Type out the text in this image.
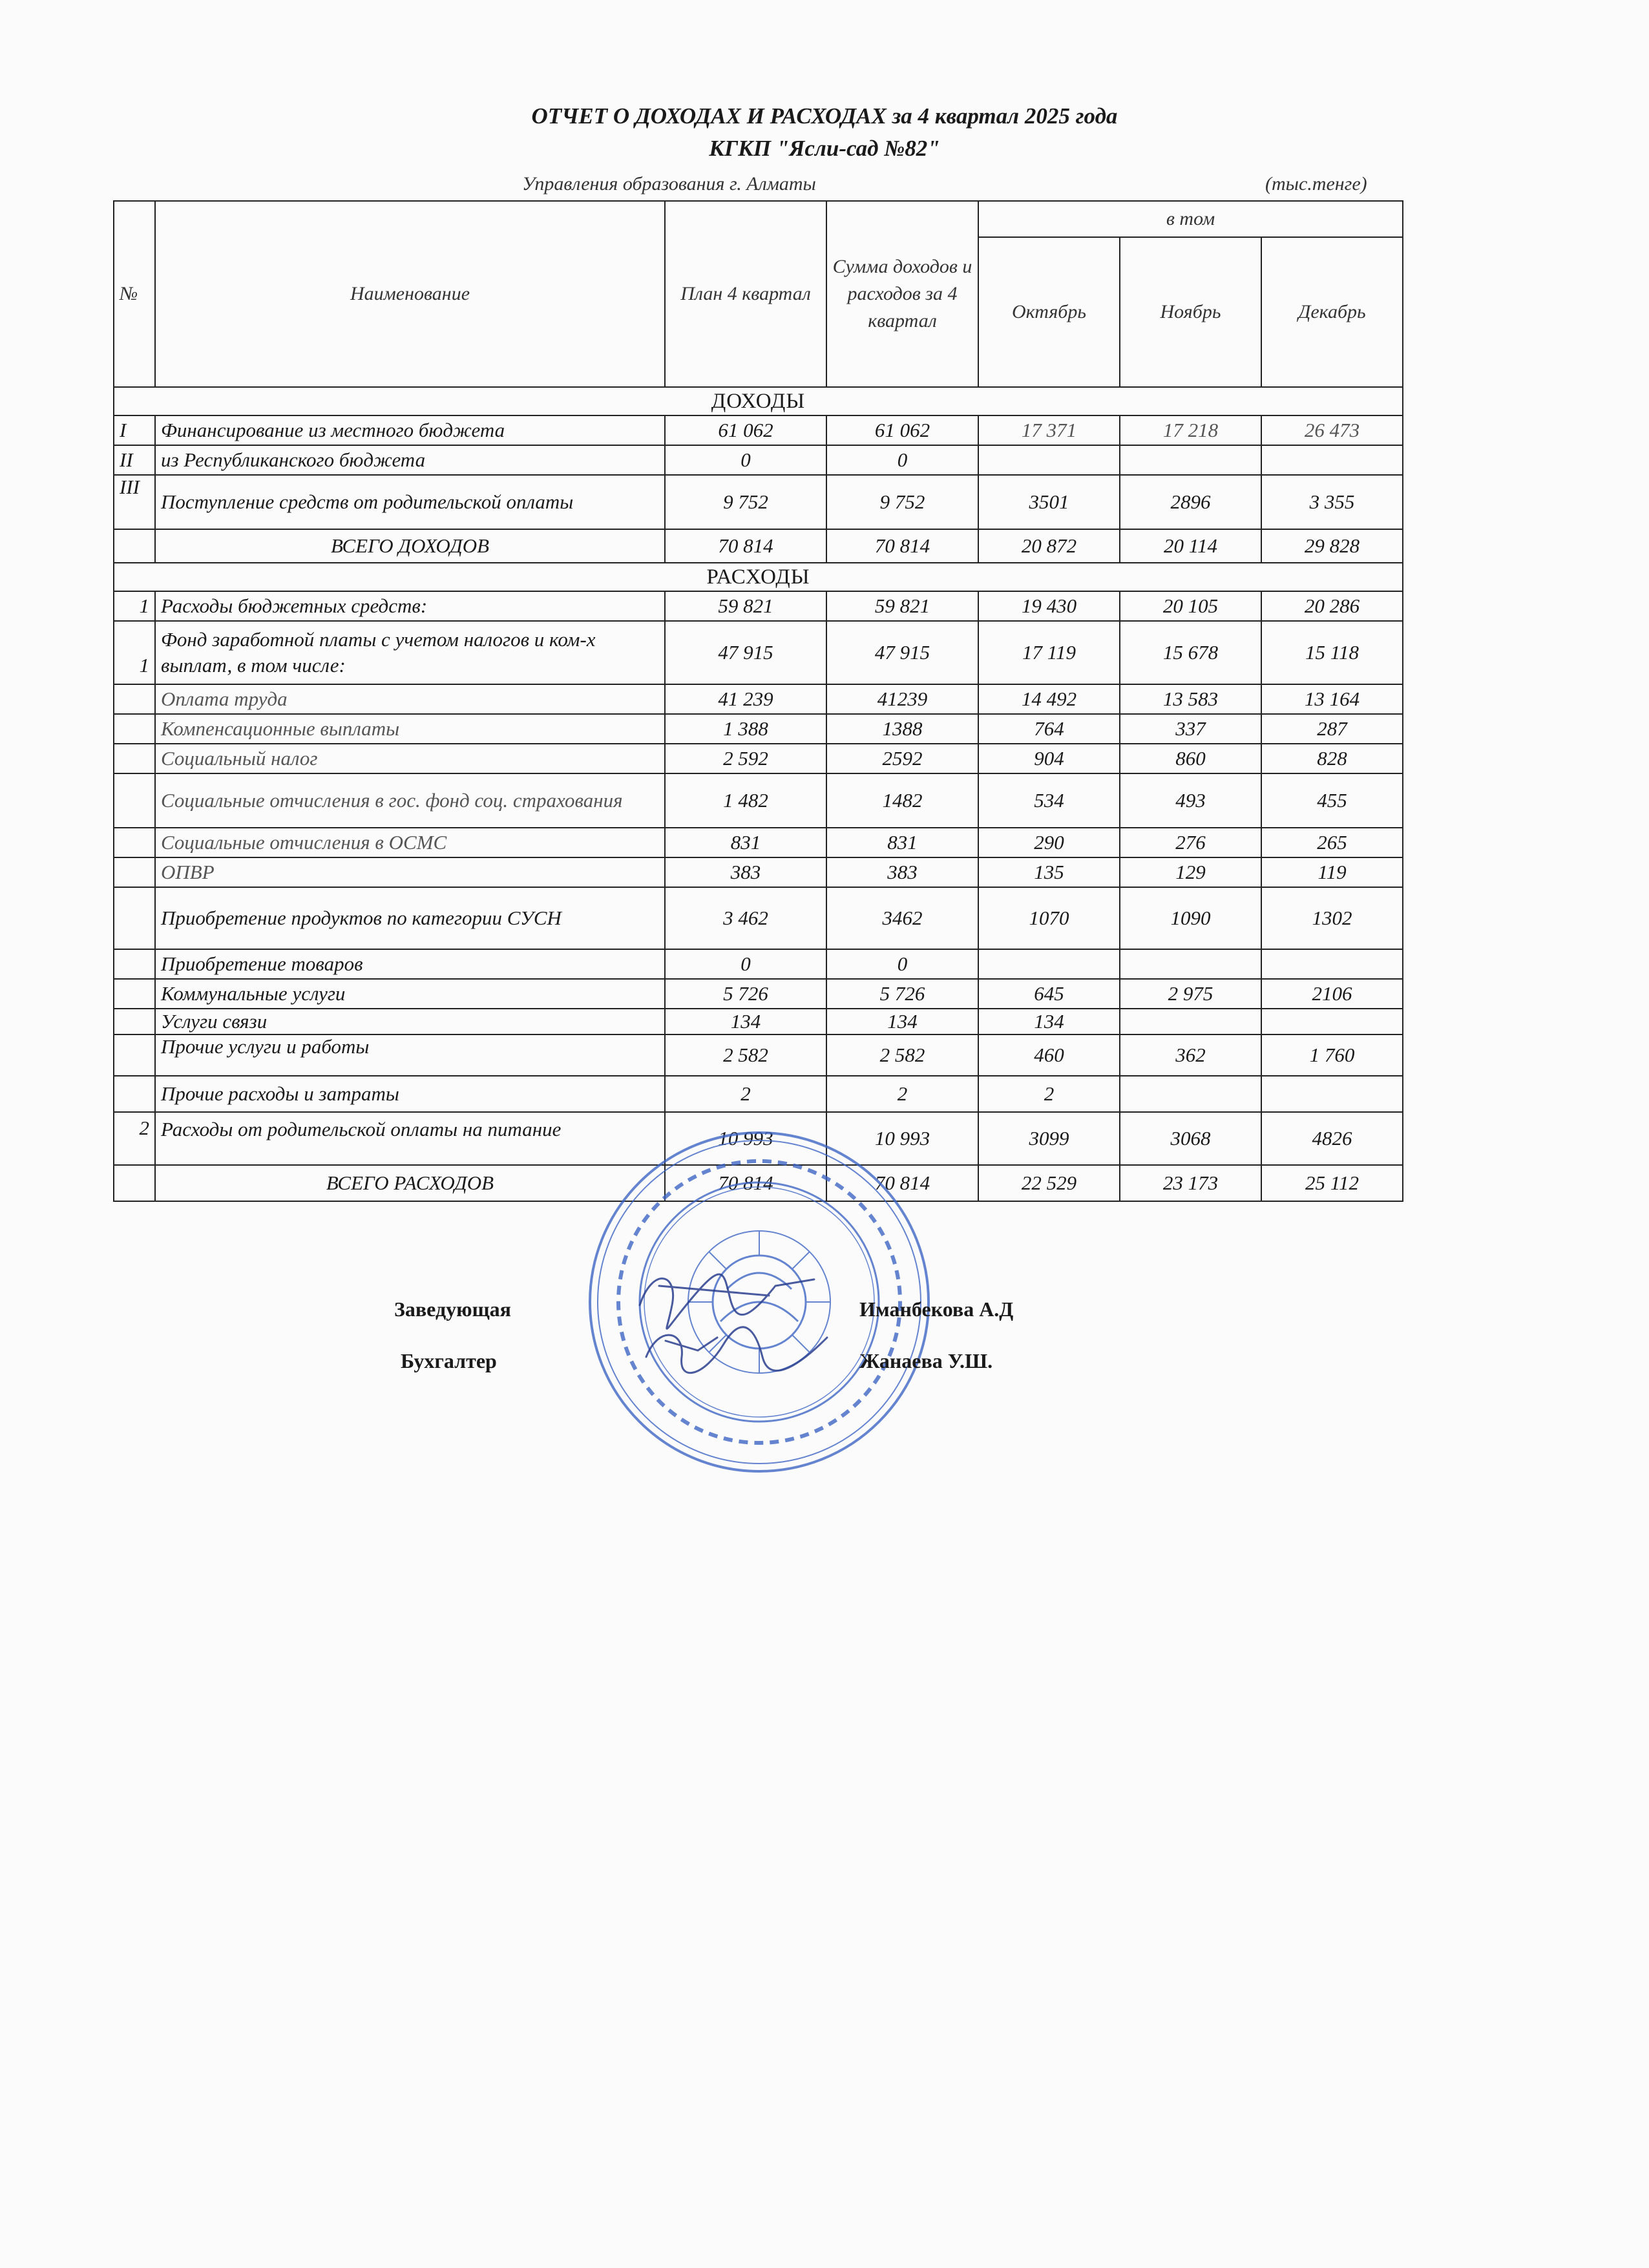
ОТЧЕТ О ДОХОДАХ И РАСХОДАХ за 4 квартал 2025 года
КГКП "Ясли-сад №82"
Управления образования г. Алматы	(тыс.тенге)
№	Наименование	План 4 квартал	Сумма доходов и расходов за 4 квартал	в том		
				Октябрь	Ноябрь	Декабрь
ДОХОДЫ						
I	Финансирование из местного бюджета	61 062	61 062	17 371	17 218	26 473
II	из Республиканского бюджета	0	0			
III	Поступление средств от родительской оплаты	9 752	9 752	3501	2896	3 355
	ВСЕГО ДОХОДОВ	70 814	70 814	20 872	20 114	29 828
РАСХОДЫ						
1	Расходы бюджетных средств:	59 821	59 821	19 430	20 105	20 286
1	Фонд заработной платы с учетом налогов и ком-х выплат, в том числе:	47 915	47 915	17 119	15 678	15 118
	Оплата труда	41 239	41239	14 492	13 583	13 164
	Компенсационные выплаты	1 388	1388	764	337	287
	Социальный налог	2 592	2592	904	860	828
	Социальные отчисления в гос. фонд соц. страхования	1 482	1482	534	493	455
	Социальные отчисления в ОСМС	831	831	290	276	265
	ОПВР	383	383	135	129	119
	Приобретение продуктов по категории СУСН	3 462	3462	1070	1090	1302
	Приобретение товаров	0	0			
	Коммунальные услуги	5 726	5 726	645	2 975	2106
	Услуги связи	134	134	134		
	Прочие услуги и работы	2 582	2 582	460	362	1 760
	Прочие расходы и затраты	2	2	2		
2	Расходы от родительской оплаты на питание	10 993	10 993	3099	3068	4826
	ВСЕГО РАСХОДОВ	70 814	70 814	22 529	23 173	25 112
Заведующая	Иманбекова А.Д
Бухгалтер	Жанаева У.Ш.
